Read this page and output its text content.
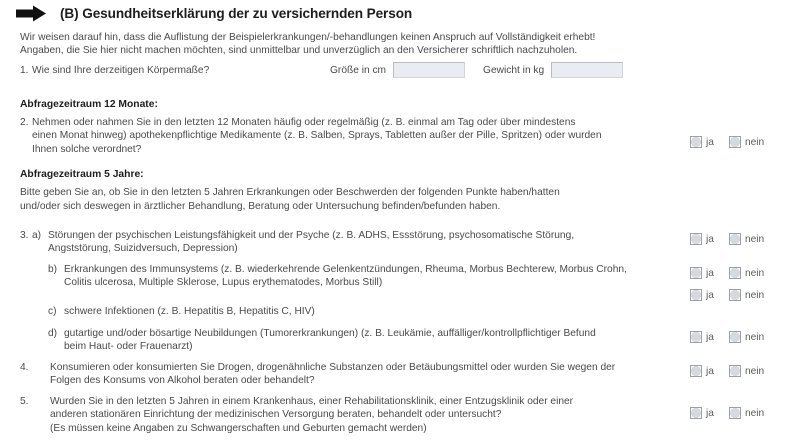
(B) Gesundheitserklärung der zu versichernden Person
Wir weisen darauf hin, dass die Auflistung der Beispielerkrankungen/-behandlungen keinen Anspruch auf Vollständigkeit erhebt!
Angaben, die Sie hier nicht machen möchten, sind unmittelbar und unverzüglich an den Versicherer schriftlich nachzuholen.
1. Wie sind Ihre derzeitigen Körpermaße?	Größe in cm	Gewicht in kg
Abfragezeitraum 12 Monate:
2. Nehmen oder nahmen Sie in den letzten 12 Monaten häufig oder regelmäßig (z. B. einmal am Tag oder über mindestens
einen Monat hinweg) apothekenpflichtige Medikamente (z. B. Salben, Sprays, Tabletten außer der Pille, Spritzen) oder wurden
Ihnen solche verordnet?
ja	nein
Abfragezeitraum 5 Jahre:
Bitte geben Sie an, ob Sie in den letzten 5 Jahren Erkrankungen oder Beschwerden der folgenden Punkte haben/hatten
und/oder sich deswegen in ärztlicher Behandlung, Beratung oder Untersuchung befinden/befunden haben.
3. a) Störungen der psychischen Leistungsfähigkeit und der Psyche (z. B. ADHS, Essstörung, psychosomatische Störung,
Angststörung, Suizidversuch, Depression)
ja	nein
b) Erkrankungen des Immunsystems (z. B. wiederkehrende Gelenkentzündungen, Rheuma, Morbus Bechterew, Morbus Crohn,
Colitis ulcerosa, Multiple Sklerose, Lupus erythematodes, Morbus Still)
ja	nein
c) schwere Infektionen (z. B. Hepatitis B, Hepatitis C, HIV)
ja	nein
d) gutartige und/oder bösartige Neubildungen (Tumorerkrankungen) (z. B. Leukämie, auffälliger/kontrollpflichtiger Befund
beim Haut- oder Frauenarzt)
ja	nein
4.	Konsumieren oder konsumierten Sie Drogen, drogenähnliche Substanzen oder Betäubungsmittel oder wurden Sie wegen der
Folgen des Konsums von Alkohol beraten oder behandelt?
ja	nein
5.	Wurden Sie in den letzten 5 Jahren in einem Krankenhaus, einer Rehabilitationsklinik, einer Entzugsklinik oder einer
anderen stationären Einrichtung der medizinischen Versorgung beraten, behandelt oder untersucht?
(Es müssen keine Angaben zu Schwangerschaften und Geburten gemacht werden)
ja	nein
